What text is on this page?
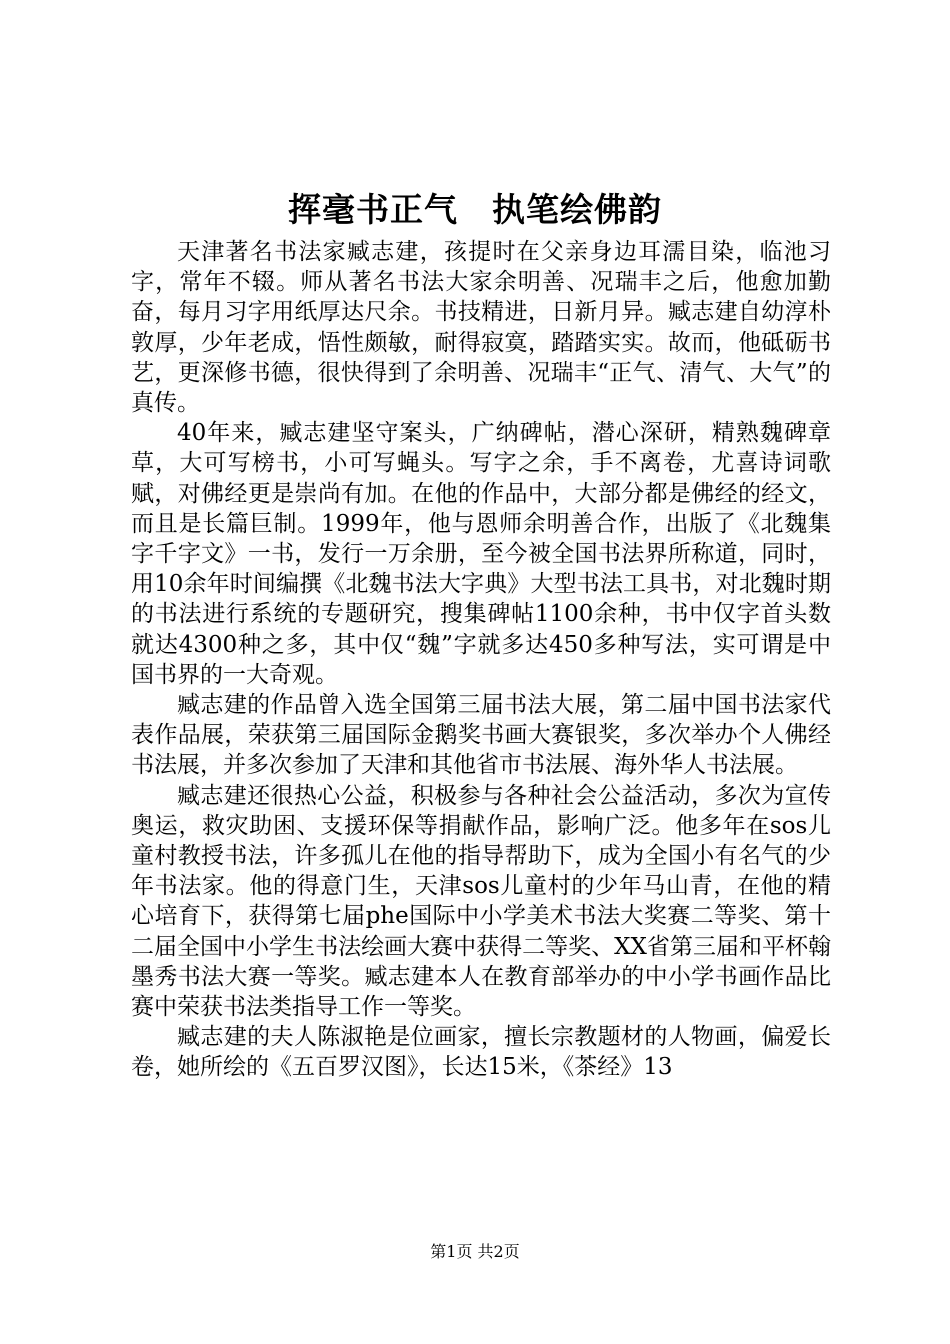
挥毫书正气　执笔绘佛韵

天津著名书法家臧志建，孩提时在父亲身边耳濡目染，临池习字，常年不辍。师从著名书法大家余明善、况瑞丰之后，他愈加勤奋，每月习字用纸厚达尺余。书技精进，日新月异。臧志建自幼淳朴敦厚，少年老成，悟性颇敏，耐得寂寞，踏踏实实。故而，他砥砺书艺，更深修书德，很快得到了余明善、况瑞丰“正气、清气、大气”的真传。

40年来，臧志建坚守案头，广纳碑帖，潜心深研，精熟魏碑章草，大可写榜书，小可写蝇头。写字之余，手不离卷，尤喜诗词歌赋，对佛经更是崇尚有加。在他的作品中，大部分都是佛经的经文，而且是长篇巨制。1999年，他与恩师余明善合作，出版了《北魏集字千字文》一书，发行一万余册，至今被全国书法界所称道，同时，用10余年时间编撰《北魏书法大字典》大型书法工具书，对北魏时期的书法进行系统的专题研究，搜集碑帖1100余种，书中仅字首头数就达4300种之多，其中仅“魏”字就多达450多种写法，实可谓是中国书界的一大奇观。

臧志建的作品曾入选全国第三届书法大展，第二届中国书法家代表作品展，荣获第三届国际金鹅奖书画大赛银奖，多次举办个人佛经书法展，并多次参加了天津和其他省市书法展、海外华人书法展。

臧志建还很热心公益，积极参与各种社会公益活动，多次为宣传奥运，救灾助困、支援环保等捐献作品，影响广泛。他多年在sos儿童村教授书法，许多孤儿在他的指导帮助下，成为全国小有名气的少年书法家。他的得意门生，天津sos儿童村的少年马山青，在他的精心培育下，获得第七届phe国际中小学美术书法大奖赛二等奖、第十二届全国中小学生书法绘画大赛中获得二等奖、XX省第三届和平杯翰墨秀书法大赛一等奖。臧志建本人在教育部举办的中小学书画作品比赛中荣获书法类指导工作一等奖。

臧志建的夫人陈淑艳是位画家，擅长宗教题材的人物画，偏爱长卷，她所绘的《五百罗汉图》，长达15米，《茶经》13

第1页 共2页
